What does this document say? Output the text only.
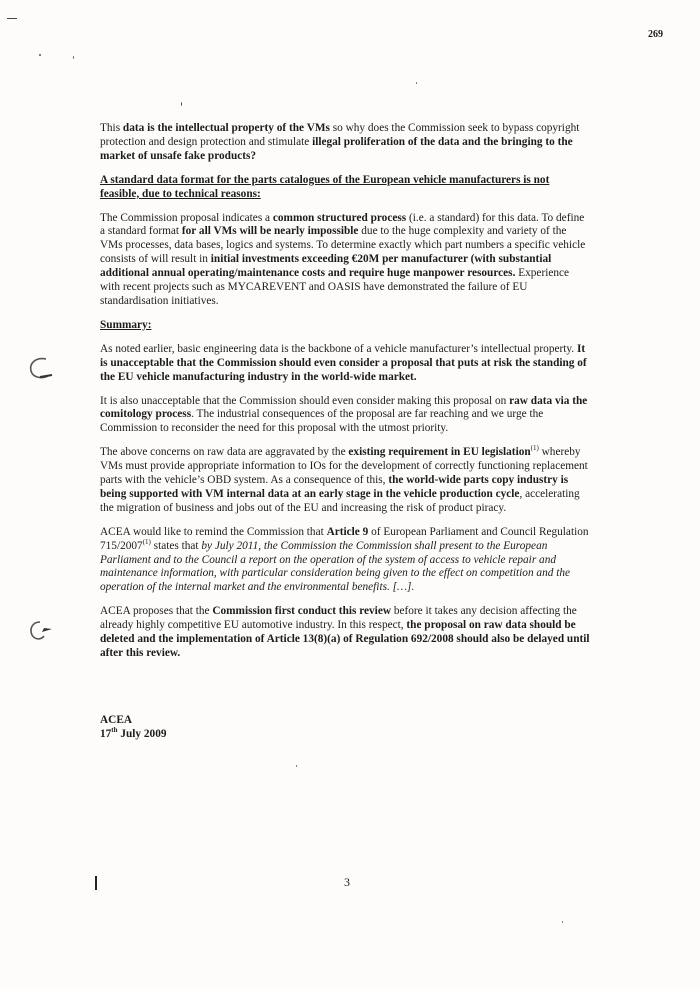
269

This data is the intellectual property of the VMs so why does the Commission seek to bypass copyright protection and design protection and stimulate illegal proliferation of the data and the bringing to the market of unsafe fake products?

A standard data format for the parts catalogues of the European vehicle manufacturers is not feasible, due to technical reasons:

The Commission proposal indicates a common structured process (i.e. a standard) for this data. To define a standard format for all VMs will be nearly impossible due to the huge complexity and variety of the VMs processes, data bases, logics and systems. To determine exactly which part numbers a specific vehicle consists of will result in initial investments exceeding €20M per manufacturer (with substantial additional annual operating/maintenance costs and require huge manpower resources. Experience with recent projects such as MYCAREVENT and OASIS have demonstrated the failure of EU standardisation initiatives.

Summary:

As noted earlier, basic engineering data is the backbone of a vehicle manufacturer’s intellectual property. It is unacceptable that the Commission should even consider a proposal that puts at risk the standing of the EU vehicle manufacturing industry in the world-wide market.

It is also unacceptable that the Commission should even consider making this proposal on raw data via the comitology process. The industrial consequences of the proposal are far reaching and we urge the Commission to reconsider the need for this proposal with the utmost priority.

The above concerns on raw data are aggravated by the existing requirement in EU legislation$^{(1)}$ whereby VMs must provide appropriate information to IOs for the development of correctly functioning replacement parts with the vehicle’s OBD system. As a consequence of this, the world-wide parts copy industry is being supported with VM internal data at an early stage in the vehicle production cycle, accelerating the migration of business and jobs out of the EU and increasing the risk of product piracy.

ACEA would like to remind the Commission that Article 9 of European Parliament and Council Regulation 715/2007$^{(1)}$ states that by July 2011, the Commission the Commission shall present to the European Parliament and to the Council a report on the operation of the system of access to vehicle repair and maintenance information, with particular consideration being given to the effect on competition and the operation of the internal market and the environmental benefits. […].

ACEA proposes that the Commission first conduct this review before it takes any decision affecting the already highly competitive EU automotive industry. In this respect, the proposal on raw data should be deleted and the implementation of Article 13(8)(a) of Regulation 692/2008 should also be delayed until after this review.

ACEA
17th July 2009
3
